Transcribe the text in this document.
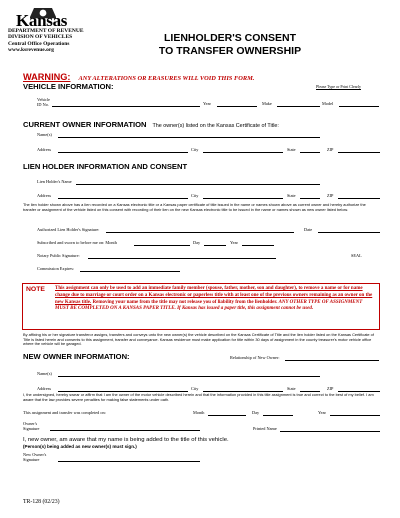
Kansas
DEPARTMENT OF REVENUE
DIVISION OF VEHICLES
Central Office Operations
www.ksrevenue.org
LIENHOLDER'S CONSENT
TO TRANSFER OWNERSHIP
WARNING: ANY ALTERATIONS OR ERASURES WILL VOID THIS FORM.
VEHICLE INFORMATION:	Please Type or Print Clearly
Vehicle
ID No.	Year	Make	Model
CURRENT OWNER INFORMATION The owner(s) listed on the Kansas Certificate of Title:
Name(s)
Address	City	State	ZIP
LIEN HOLDER INFORMATION AND CONSENT
Lien Holder's Name
Address	City	State	ZIP
The lien holder shown above has a lien recorded on a Kansas electronic title or a Kansas paper certificate of title issued in the name or names shown above as current owner and hereby authorize the transfer or assignment of the vehicle listed on this consent with recording of their lien on the new Kansas electronic title to be issued in the name or names shown as new owner listed below.
Authorized Lien Holder's Signature:	Date
Subscribed and sworn to before me on: Month	Day	Year
Notary Public Signature:	SEAL
Commission Expires:
NOTE This assignment can only be used to add an immediate family member (spouse, father, mother, son and daughter), to remove a name or for name change due to marriage or court order on a Kansas electronic or paperless title with at least one of the previous owners remaining as an owner on the new Kansas title. Removing your name from the title may not release you of liability from the lienholder. ANY OTHER TYPE OF ASSIGNMENT MUST BE COMPLETED ON A KANSAS PAPER TITLE. If Kansas has issued a paper title, this assignment cannot be used.
By affixing his or her signature transferor assigns, transfers and conveys unto the new owner(s) the vehicle described on the Kansas Certificate of Title and the lien holder listed on the Kansas Certificate of Title is listed herein and consents to this assignment, transfer and conveyance. Kansas residence must make application for title within 30 days of assignment in the county treasurer's motor vehicle office where the vehicle will be garaged.
NEW OWNER INFORMATION:	Relationship of New Owner:
Name(s)
Address	City	State	ZIP
I, the undersigned, hereby swear or affirm that I am the owner of the motor vehicle described herein and that the information provided in this title assignment is true and correct to the best of my belief. I am aware that the law provides severe penalties for making false statements under oath.
This assignment and transfer was completed on:	Month	Day	Year
Owner's
Signature	Printed Name
I, new owner, am aware that my name is being added to the title of this vehicle.
(Person(s) being added as new owner(s) must sign.)
New Owner's
Signature
TR-128 (02/23)
